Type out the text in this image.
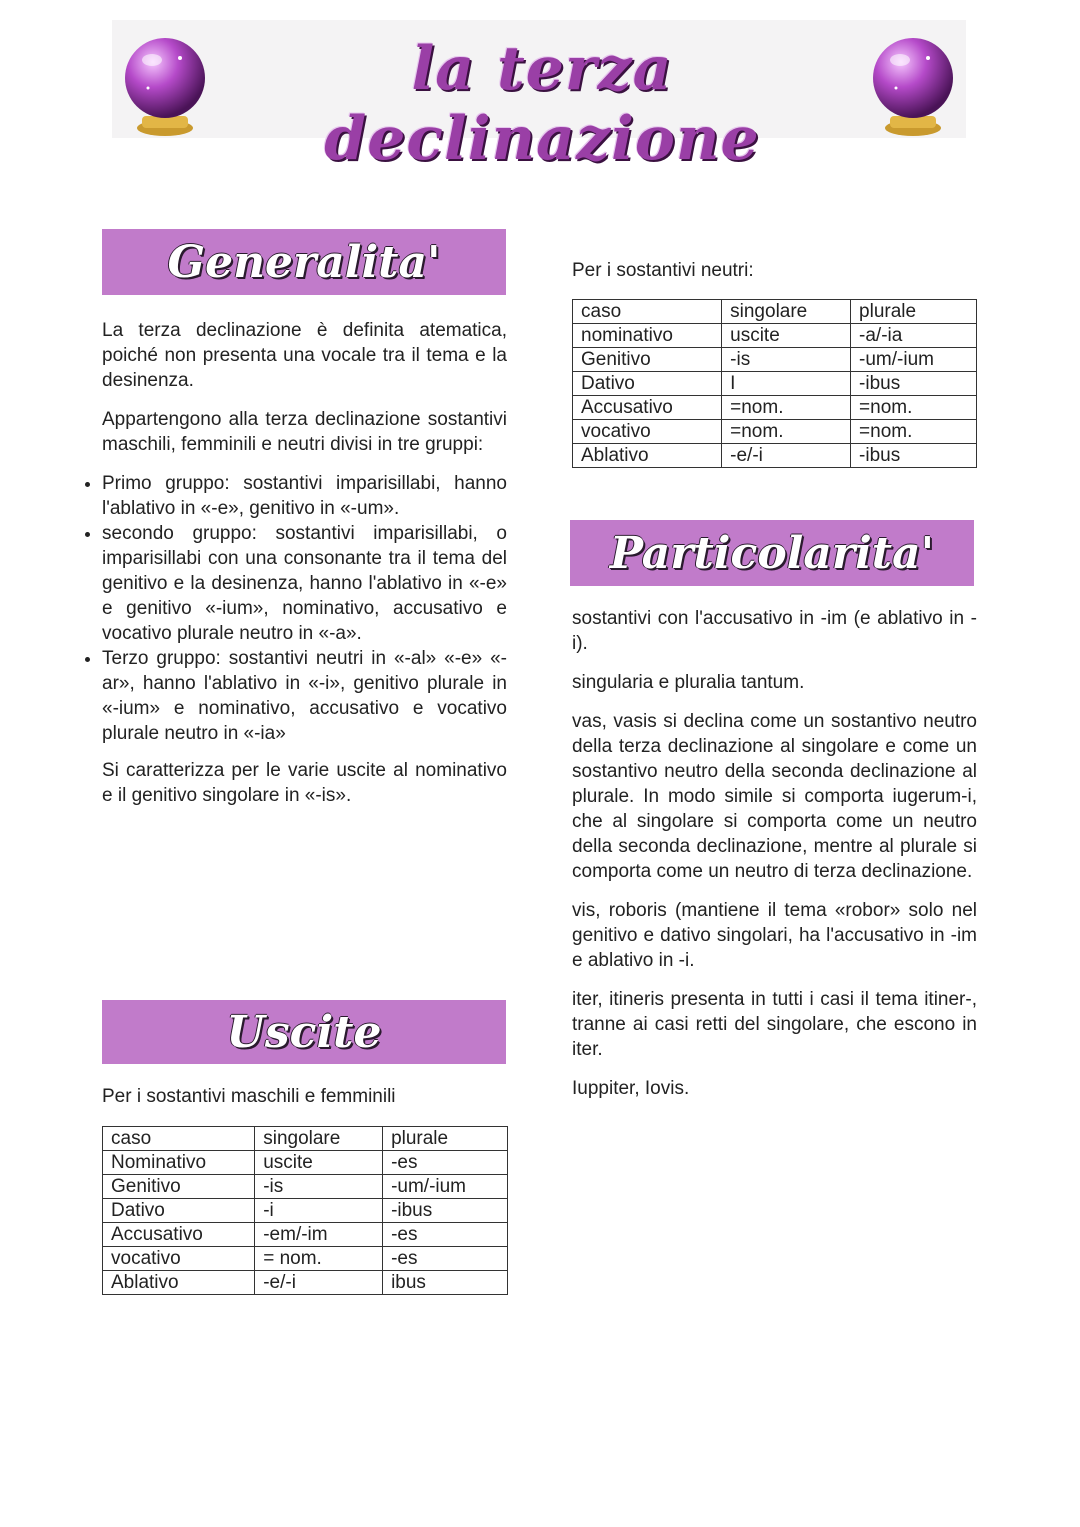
la terza declinazione
Generalita'

La terza declinazione è definita atematica, poiché non presenta una vocale tra il tema e la desinenza.

Appartengono alla terza declinazione sostantivi maschili, femminili e neutri divisi in tre gruppi:

• Primo gruppo: sostantivi imparisillabi, hanno l'ablativo in «-e», genitivo in «-um».
• secondo gruppo: sostantivi imparisillabi, o imparisillabi con una consonante tra il tema del genitivo e la desinenza, hanno l'ablativo in «-e» e genitivo «-ium», nominativo, accusativo e vocativo plurale neutro in «-a».
• Terzo gruppo: sostantivi neutri in «-al» «-e» «-ar», hanno l'ablativo in «-i», genitivo plurale in «-ium» e nominativo, accusativo e vocativo plurale neutro in «-ia»

Si caratterizza per le varie uscite al nominativo e il genitivo singolare in «-is».

Uscite
Per i sostantivi maschili e femminili
caso	singolare	plurale
Nominativo	uscite	-es
Genitivo	-is	-um/-ium
Dativo	-i	-ibus
Accusativo	-em/-im	-es
vocativo	= nom.	-es
Ablativo	-e/-i	ibus
Per i sostantivi neutri:
caso	singolare	plurale
nominativo	uscite	-a/-ia
Genitivo	-is	-um/-ium
Dativo	I	-ibus
Accusativo	=nom.	=nom.
vocativo	=nom.	=nom.
Ablativo	-e/-i	-ibus
Particolarita'

sostantivi con l'accusativo in -im (e ablativo in -i).

singularia e pluralia tantum.

vas, vasis si declina come un sostantivo neutro della terza declinazione al singolare e come un sostantivo neutro della seconda declinazione al plurale. In modo simile si comporta iugerum-i, che al singolare si comporta come un neutro della seconda declinazione, mentre al plurale si comporta come un neutro di terza declinazione.

vis, roboris (mantiene il tema «robor» solo nel genitivo e dativo singolari, ha l'accusativo in -im e ablativo in -i.

iter, itineris presenta in tutti i casi il tema itiner-, tranne ai casi retti del singolare, che escono in iter.

Iuppiter, Iovis.
